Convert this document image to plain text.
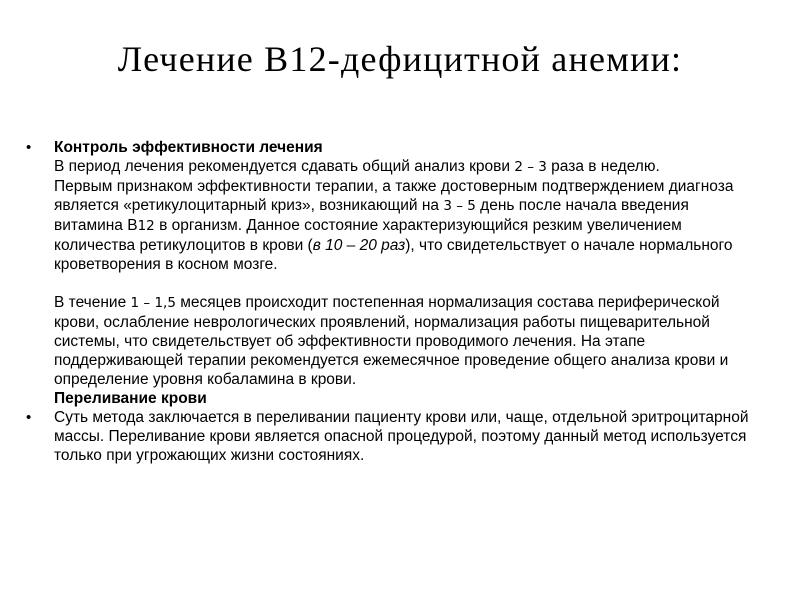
Лечение В12-дефицитной анемии:
• Контроль эффективности лечения
В период лечения рекомендуется сдавать общий анализ крови 2 – 3 раза в неделю.
Первым признаком эффективности терапии, а также достоверным подтверждением диагноза является «ретикулоцитарный криз», возникающий на 3 – 5 день после начала введения витамина В12 в организм. Данное состояние характеризующийся резким увеличением количества ретикулоцитов в крови (в 10 – 20 раз), что свидетельствует о начале нормального кроветворения в косном мозге.
В течение 1 – 1,5 месяцев происходит постепенная нормализация состава периферической крови, ослабление неврологических проявлений, нормализация работы пищеварительной системы, что свидетельствует об эффективности проводимого лечения. На этапе поддерживающей терапии рекомендуется ежемесячное проведение общего анализа крови и определение уровня кобаламина в крови.
Переливание крови
• Суть метода заключается в переливании пациенту крови или, чаще, отдельной эритроцитарной массы. Переливание крови является опасной процедурой, поэтому данный метод используется только при угрожающих жизни состояниях.
